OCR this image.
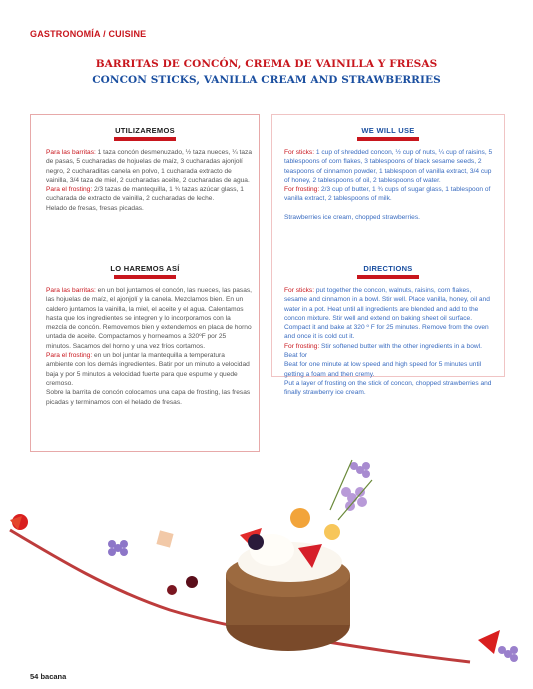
GASTRONOMÍA / CUISINE
BARRITAS DE CONCÓN, CREMA DE VAINILLA Y FRESAS
CONCON STICKS, VANILLA CREAM AND STRAWBERRIES
UTILIZAREMOS

Para las barritas: 1 taza concón desmenuzado, ½ taza nueces, ¼ taza de pasas, 5 cucharadas de hojuelas de maíz, 3 cucharadas ajonjolí negro, 2 cucharaditas canela en polvo, 1 cucharada extracto de vainilla, 3/4 taza de miel, 2 cucharadas aceite, 2 cucharadas de agua.

Para el frosting: 2/3 tazas de mantequilla, 1 ¾ tazas azúcar glass, 1 cucharada de extracto de vainilla, 2 cucharadas de leche.

Helado de fresas, fresas picadas.

LO HAREMOS ASÍ

Para las barritas: en un bol juntamos el concón, las nueces, las pasas, las hojuelas de maíz, el ajonjolí y la canela. Mezclamos bien. En un caldero juntamos la vainilla, la miel, el aceite y el agua. Calentamos hasta que los ingredientes se integren y lo incorporamos con la mezcla de concón. Removemos bien y extendemos en placa de horno untada de aceite. Compactamos y horneamos a 320ºF por 25 minutos. Sacamos del horno y una vez fríos cortamos.

Para el frosting: en un bol juntar la mantequilla a temperatura ambiente con los demás ingredientes. Batir por un minuto a velocidad baja y por 5 minutos a velocidad fuerte para que espume y quede cremoso.

Sobre la barrita de concón colocamos una capa de frosting, las fresas picadas y terminamos con el helado de fresas.

WE WILL USE

For sticks: 1 cup of shredded concon, ½ cup of nuts, ¼ cup of raisins, 5 tablespoons of corn flakes, 3 tablespoons of black sesame seeds, 2 teaspoons of cinnamon powder, 1 tablespoon of vanilla extract, 3/4 cup of honey, 2 tablespoons of oil, 2 tablespoons of water.

For frosting: 2/3 cup of butter, 1 ¾ cups of sugar glass, 1 tablespoon of vanilla extract, 2 tablespoons of milk.

Strawberries ice cream, chopped strawberries.

DIRECTIONS

For sticks: put together the concon, walnuts, raisins, corn flakes, sesame and cinnamon in a bowl. Stir well. Place vanilla, honey, oil and water in a pot. Heat until all ingredients are blended and add to the concon mixture. Stir well and extend on baking sheet oil surface. Compact it and bake at 320 º F for 25 minutes. Remove from the oven and once it is cold cut it.

For frosting: Stir softened butter with the other ingredients in a bowl. Beat for

Beat for one minute at low speed and high speed for 5 minutes until getting a foam and then cremy.

Put a layer of frosting on the stick of concon, chopped strawberries and finally strawberry ice cream.

54 bacana
